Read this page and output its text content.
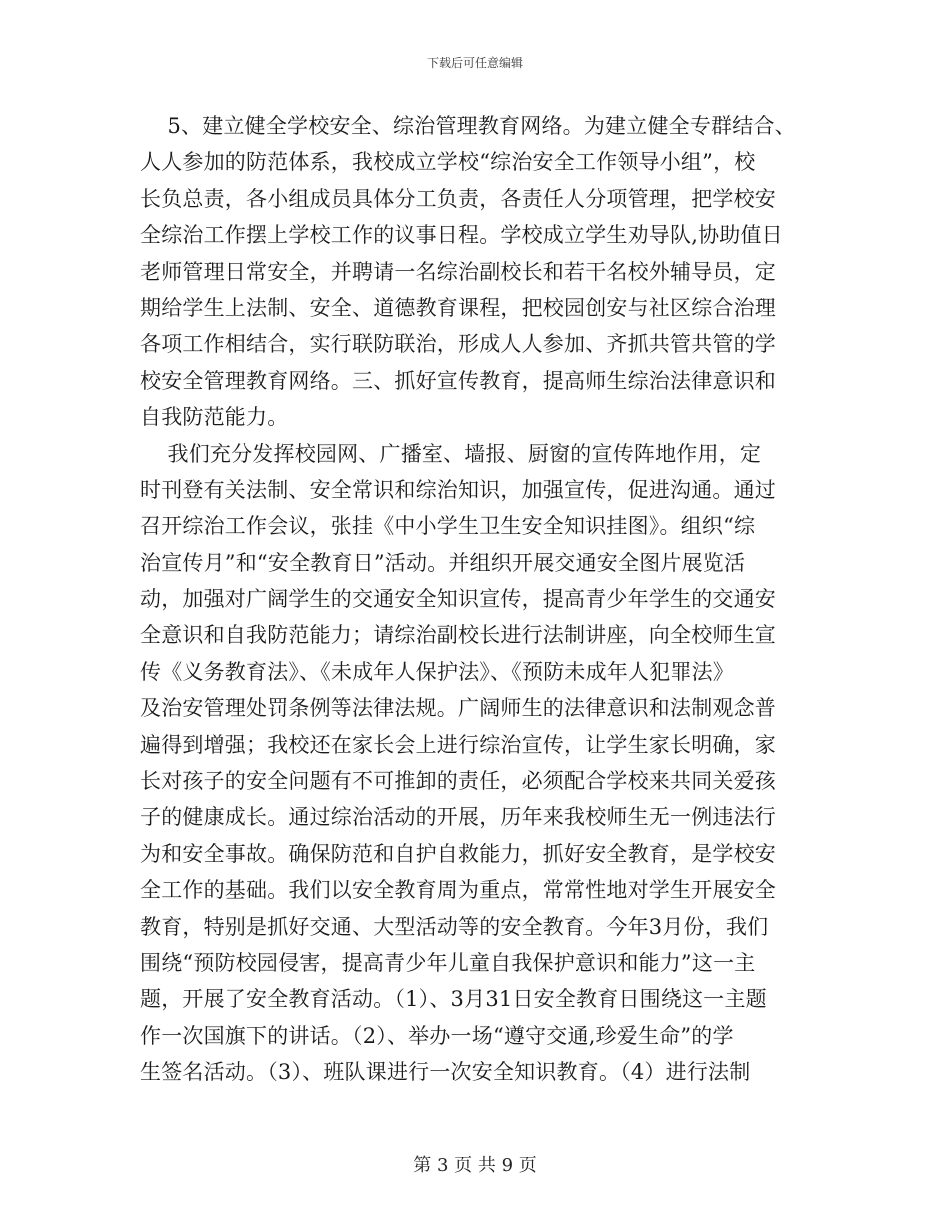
下载后可任意编辑
5、建立健全学校安全、综治管理教育网络。为建立健全专群结合、
人人参加的防范体系，我校成立学校“综治安全工作领导小组”，校
长负总责，各小组成员具体分工负责，各责任人分项管理，把学校安
全综治工作摆上学校工作的议事日程。学校成立学生劝导队,协助值日
老师管理日常安全，并聘请一名综治副校长和若干名校外辅导员，定
期给学生上法制、安全、道德教育课程，把校园创安与社区综合治理
各项工作相结合，实行联防联治，形成人人参加、齐抓共管共管的学
校安全管理教育网络。三、抓好宣传教育，提高师生综治法律意识和
自我防范能力。
我们充分发挥校园网、广播室、墙报、厨窗的宣传阵地作用，定
时刊登有关法制、安全常识和综治知识，加强宣传，促进沟通。通过
召开综治工作会议，张挂《中小学生卫生安全知识挂图》。组织“综
治宣传月”和“安全教育日”活动。并组织开展交通安全图片展览活
动，加强对广阔学生的交通安全知识宣传，提高青少年学生的交通安
全意识和自我防范能力；请综治副校长进行法制讲座，向全校师生宣
传《义务教育法》、《未成年人保护法》、《预防未成年人犯罪法》
及治安管理处罚条例等法律法规。广阔师生的法律意识和法制观念普
遍得到增强；我校还在家长会上进行综治宣传，让学生家长明确，家
长对孩子的安全问题有不可推卸的责任，必须配合学校来共同关爱孩
子的健康成长。通过综治活动的开展，历年来我校师生无一例违法行
为和安全事故。确保防范和自护自救能力，抓好安全教育，是学校安
全工作的基础。我们以安全教育周为重点，常常性地对学生开展安全
教育，特别是抓好交通、大型活动等的安全教育。今年3月份，我们
围绕“预防校园侵害，提高青少年儿童自我保护意识和能力”这一主
题，开展了安全教育活动。（1）、3月31日安全教育日围绕这一主题
作一次国旗下的讲话。（2）、举办一场“遵守交通,珍爱生命”的学
生签名活动。（3）、班队课进行一次安全知识教育。（4）进行法制
第 3 页 共 9 页
